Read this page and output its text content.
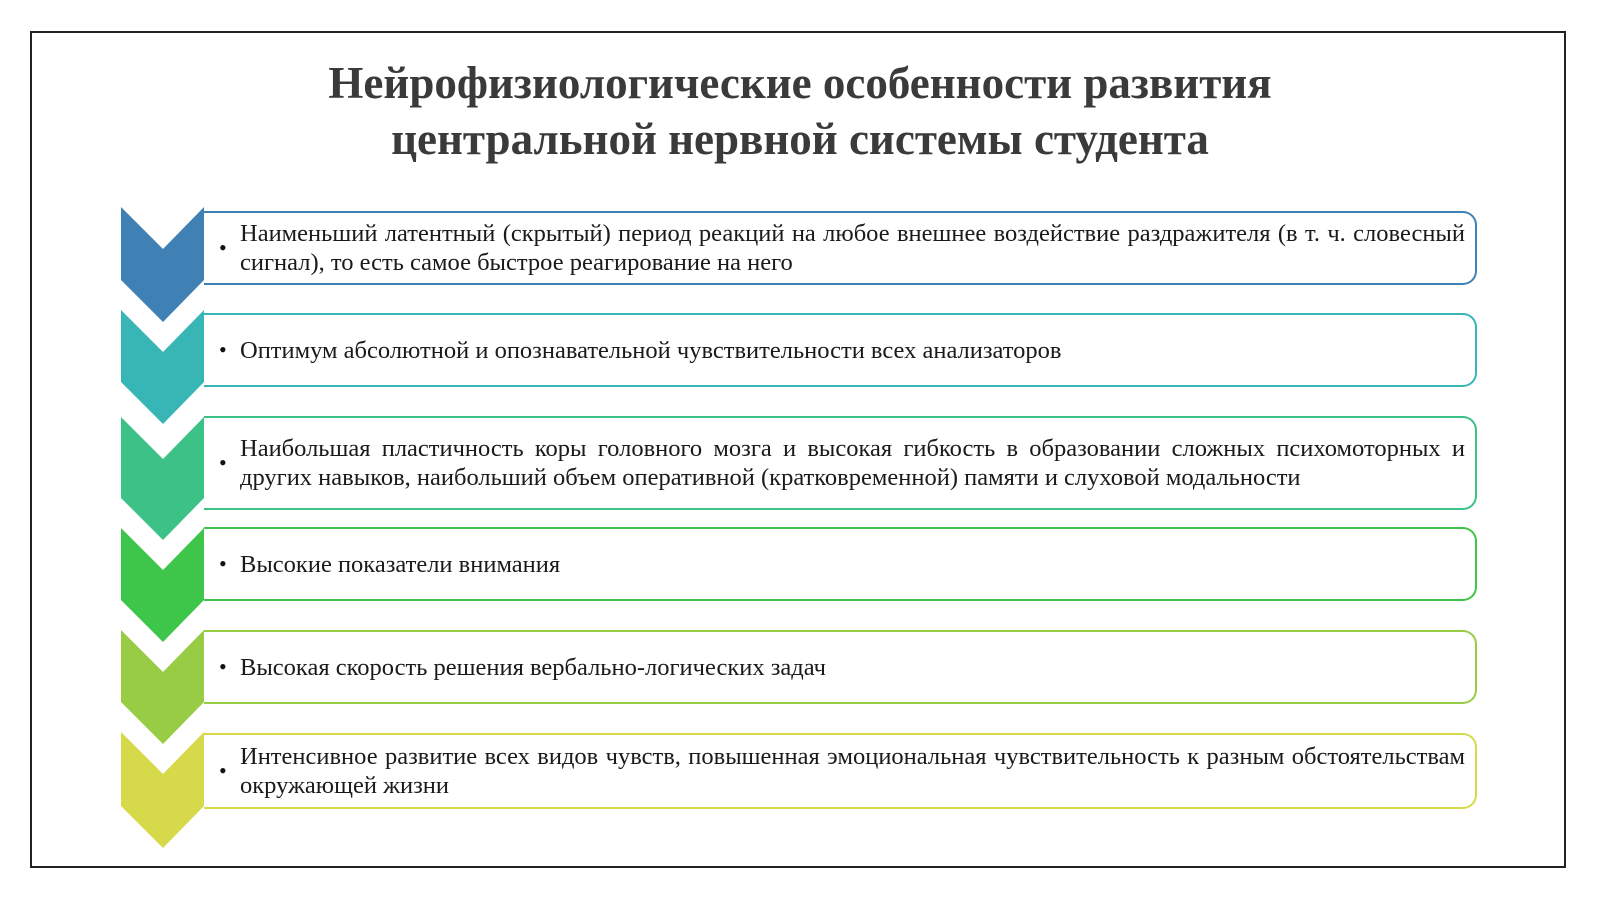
Нейрофизиологические особенности развития
центральной нервной системы студента
•
Наименьший латентный (скрытый) период реакций на любое внешнее воздействие раздражителя (в т. ч. словесный сигнал), то есть самое быстрое реагирование на него
• Оптимум абсолютной и опознавательной чувствительности всех анализаторов
•
Наибольшая пластичность коры головного мозга и высокая гибкость в образовании сложных психомоторных и других навыков, наибольший объем оперативной (кратковременной) памяти и слуховой модальности
• Высокие показатели внимания
• Высокая скорость решения вербально-логических задач
•
Интенсивное развитие всех видов чувств, повышенная эмоциональная чувствительность к разным обстоятельствам окружающей жизни
